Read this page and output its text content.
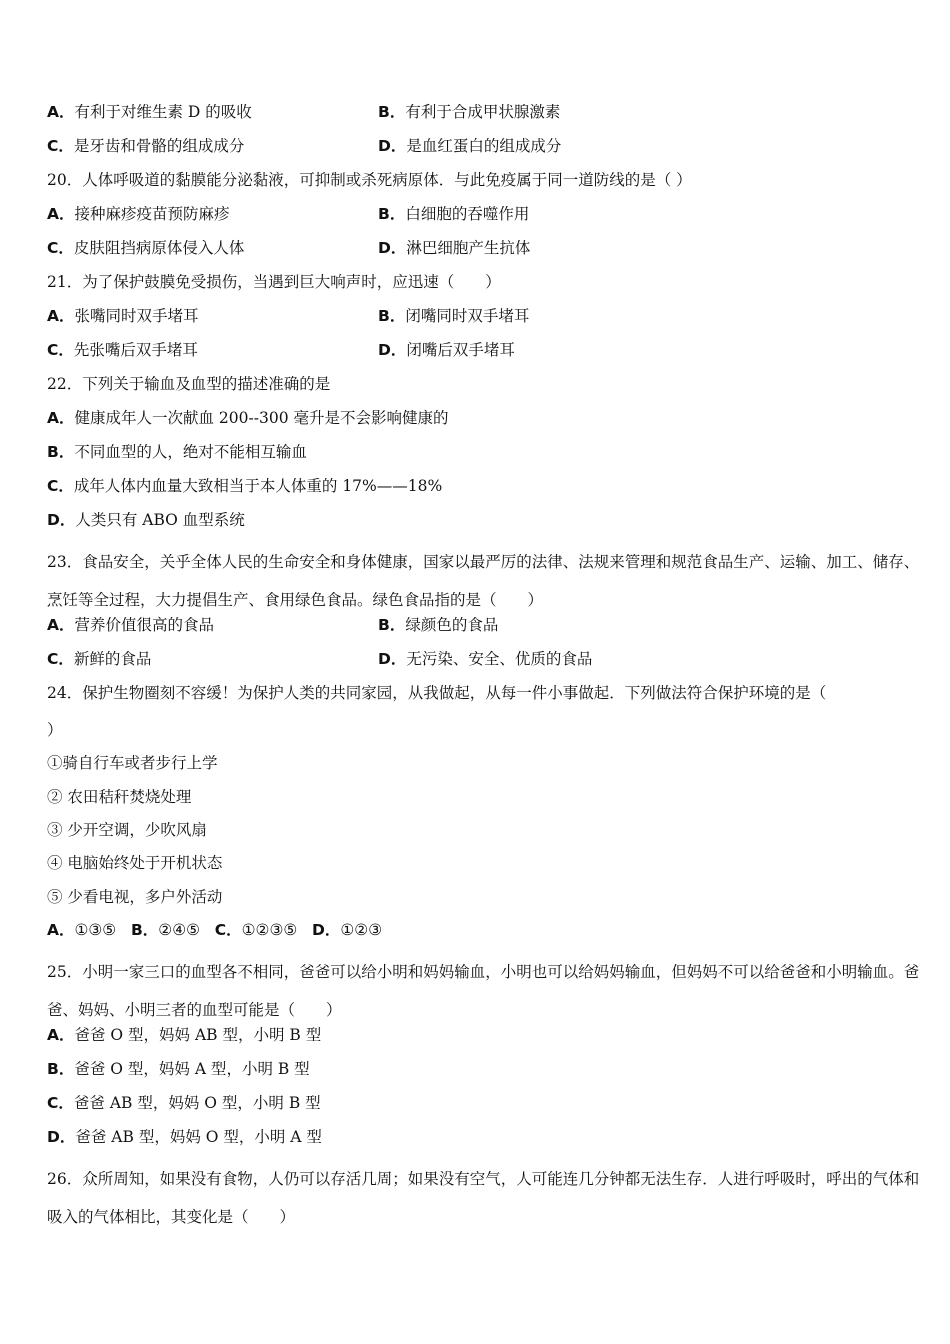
A．有利于对维生素 D 的吸收	B．有利于合成甲状腺激素
C．是牙齿和骨骼的组成成分	D．是血红蛋白的组成成分
20．人体呼吸道的黏膜能分泌黏液，可抑制或杀死病原体．与此免疫属于同一道防线的是（ ）
A．接种麻疹疫苗预防麻疹	B．白细胞的吞噬作用
C．皮肤阻挡病原体侵入人体	D．淋巴细胞产生抗体
21．为了保护鼓膜免受损伤，当遇到巨大响声时，应迅速（　　）
A．张嘴同时双手堵耳	B．闭嘴同时双手堵耳
C．先张嘴后双手堵耳	D．闭嘴后双手堵耳
22．下列关于输血及血型的描述准确的是
A．健康成年人一次献血 200--300 毫升是不会影响健康的
B．不同血型的人，绝对不能相互输血
C．成年人体内血量大致相当于本人体重的 17%——18%
D．人类只有 ABO 血型系统
23．食品安全，关乎全体人民的生命安全和身体健康，国家以最严厉的法律、法规来管理和规范食品生产、运输、加工、储存、烹饪等全过程，大力提倡生产、食用绿色食品。绿色食品指的是（　　）
A．营养价值很高的食品	B．绿颜色的食品
C．新鲜的食品	D．无污染、安全、优质的食品
24．保护生物圈刻不容缓！为保护人类的共同家园，从我做起，从每一件小事做起．下列做法符合保护环境的是（
）
①骑自行车或者步行上学
② 农田秸秆焚烧处理
③ 少开空调，少吹风扇
④ 电脑始终处于开机状态
⑤ 少看电视，多户外活动
A．①③⑤ B．②④⑤ C．①②③⑤ D．①②③
25．小明一家三口的血型各不相同，爸爸可以给小明和妈妈输血，小明也可以给妈妈输血，但妈妈不可以给爸爸和小明输血。爸爸、妈妈、小明三者的血型可能是（　　）
A．爸爸 O 型，妈妈 AB 型，小明 B 型
B．爸爸 O 型，妈妈 A 型，小明 B 型
C．爸爸 AB 型，妈妈 O 型，小明 B 型
D．爸爸 AB 型，妈妈 O 型，小明 A 型
26．众所周知，如果没有食物，人仍可以存活几周；如果没有空气，人可能连几分钟都无法生存．人进行呼吸时，呼出的气体和吸入的气体相比，其变化是（　　）
